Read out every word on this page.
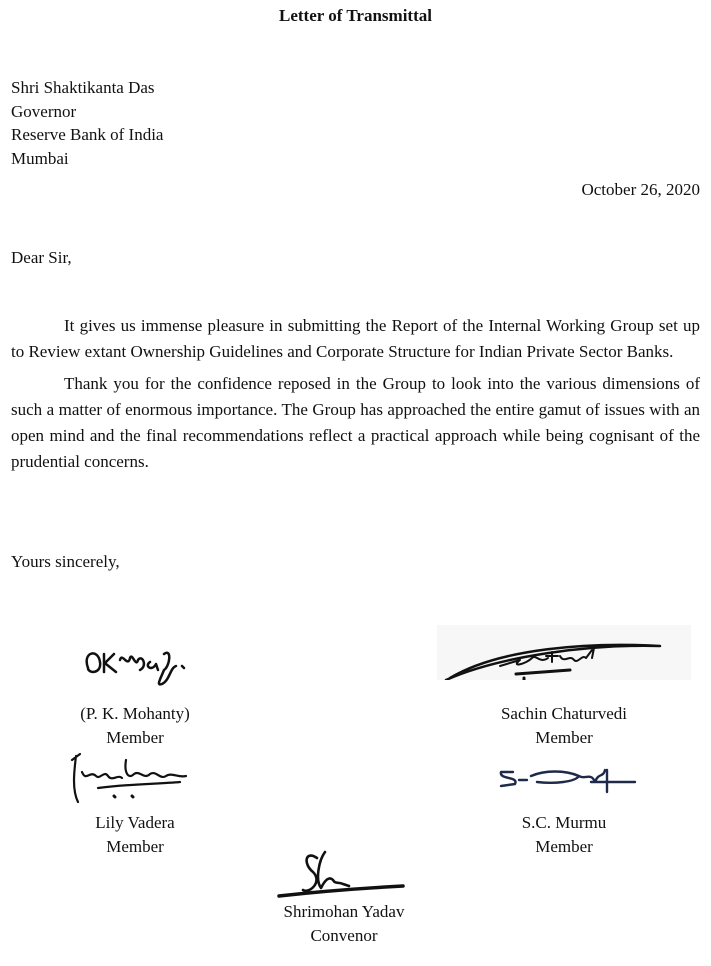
Letter of Transmittal
Shri Shaktikanta Das
Governor
Reserve Bank of India
Mumbai
October 26, 2020
Dear Sir,

It gives us immense pleasure in submitting the Report of the Internal Working Group set up to Review extant Ownership Guidelines and Corporate Structure for Indian Private Sector Banks.

Thank you for the confidence reposed in the Group to look into the various dimensions of such a matter of enormous importance. The Group has approached the entire gamut of issues with an open mind and the final recommendations reflect a practical approach while being cognisant of the prudential concerns.

Yours sincerely,
(P. K. Mohanty)
Member
Sachin Chaturvedi
Member
Lily Vadera
Member
S.C. Murmu
Member
Shrimohan Yadav
Convenor
